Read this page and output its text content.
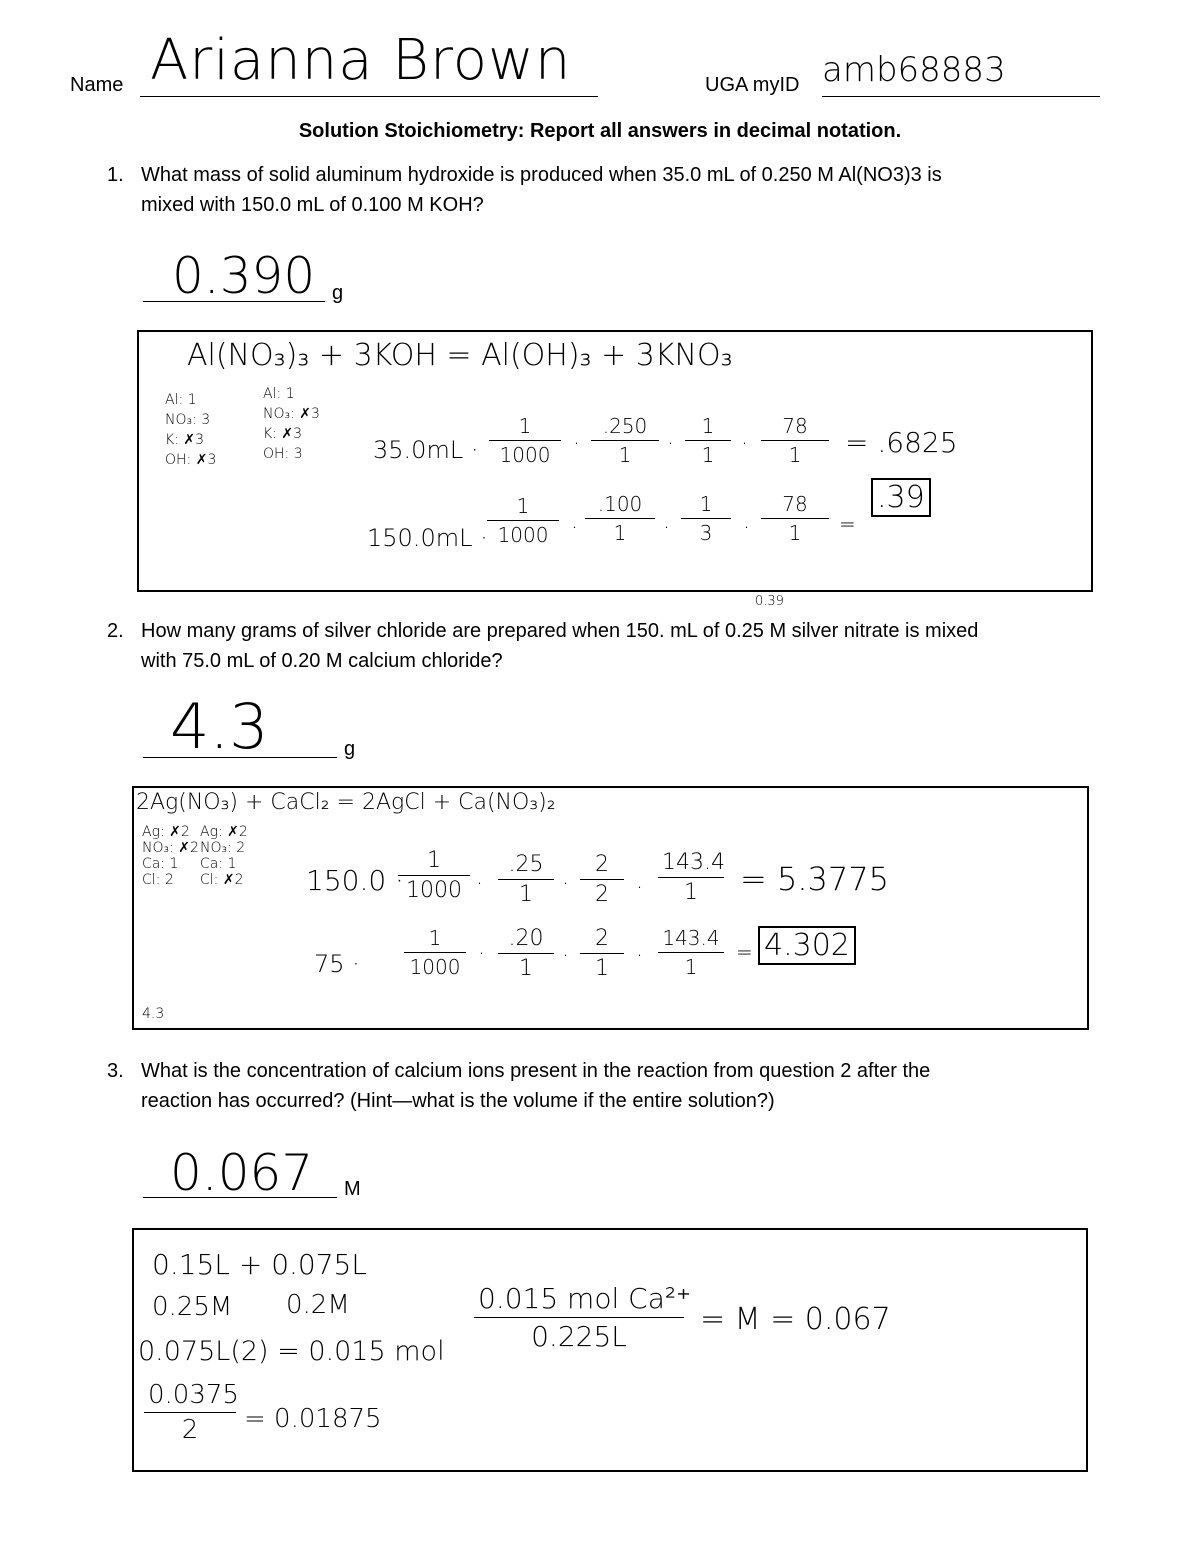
Name Arianna Brown	UGA myID amb68883
Solution Stoichiometry: Report all answers in decimal notation.
1. What mass of solid aluminum hydroxide is produced when 35.0 mL of 0.250 M Al(NO3)3 is
mixed with 150.0 mL of 0.100 M KOH?
0.390 g
Al(NO₃)₃ + 3KOH = Al(OH)₃ + 3KNO₃
Al: 1
NO₃: 3
K: ✗3
OH: ✗3
Al: 1
NO₃: ✗3
K: ✗3
OH: 3	$35.0mL \cdot \frac{1}{1000} \cdot \frac{.250}{1} \cdot \frac{1}{1} \cdot \frac{78}{1} = .6825$
$150.0mL \cdot \frac{1}{1000} \cdot \frac{.100}{1} \cdot \frac{1}{3} \cdot \frac{78}{1}$ =
.39
0.39
2. How many grams of silver chloride are prepared when 150. mL of 0.25 M silver nitrate is mixed
with 75.0 mL of 0.20 M calcium chloride?
4.3	g
2Ag(NO₃) + CaCl₂ = 2AgCl + Ca(NO₃)₂
Ag: ✗2
NO₃: ✗2
Ca: 1
Cl: 2
Ag: ✗2
NO₃: 2
Ca: 1
Cl: ✗2 150.0 ·
$\frac{1}{1000} \cdot \frac{.25}{1} \cdot \frac{2}{2} \cdot \frac{143.4}{1} = 5.3775$
$75 \cdot \frac{1}{1000} \cdot \frac{.20}{1} \cdot \frac{2}{1} \cdot \frac{143.4}{1} = 4.302$
4.3
3. What is the concentration of calcium ions present in the reaction from question 2 after the
reaction has occurred? (Hint—what is the volume if the entire solution?)
0.067 M
0.15L + 0.075L
0.25M 0.2M
0.075L(2) = 0.015 mol
$\frac{0.0375}{2} = 0.01875$
0.015 mol Ca²⁺
0.225L	= M = 0.067
